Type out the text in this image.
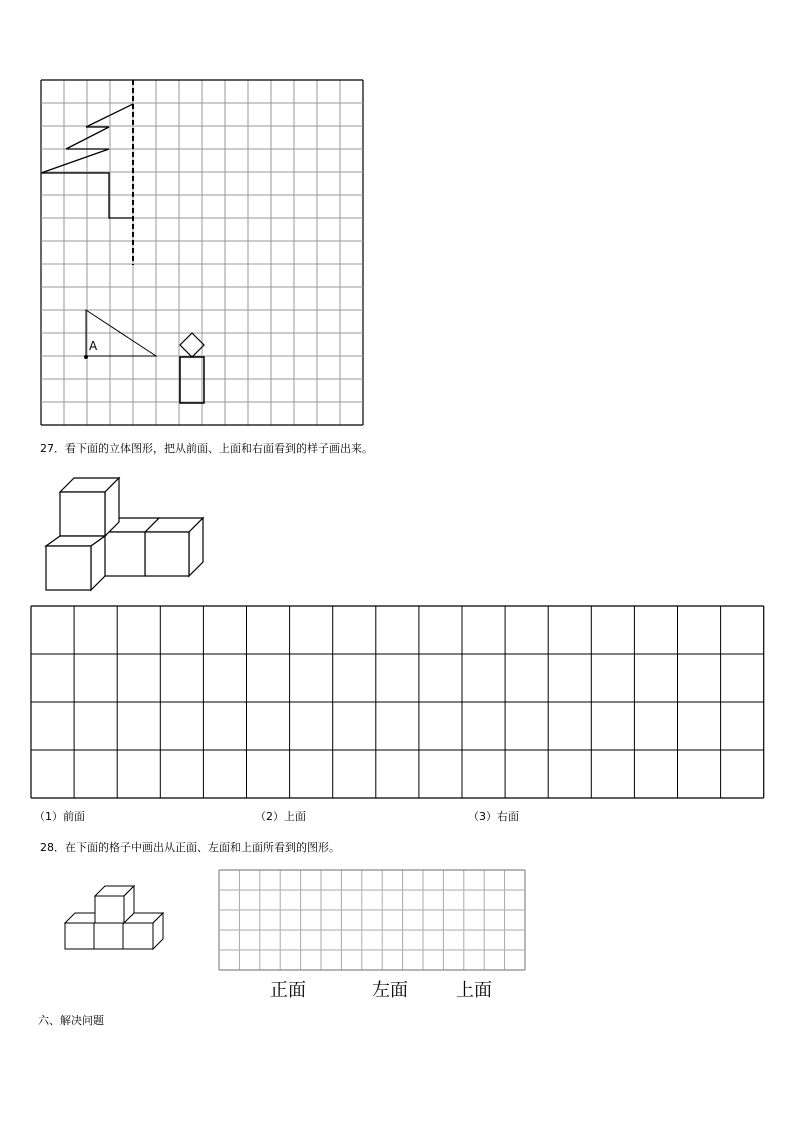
A
27．看下面的立体图形，把从前面、上面和右面看到的样子画出来。
（1）前面	（2）上面	（3）右面
28．在下面的格子中画出从正面、左面和上面所看到的图形。
正面	左面	上面
六、解决问题
